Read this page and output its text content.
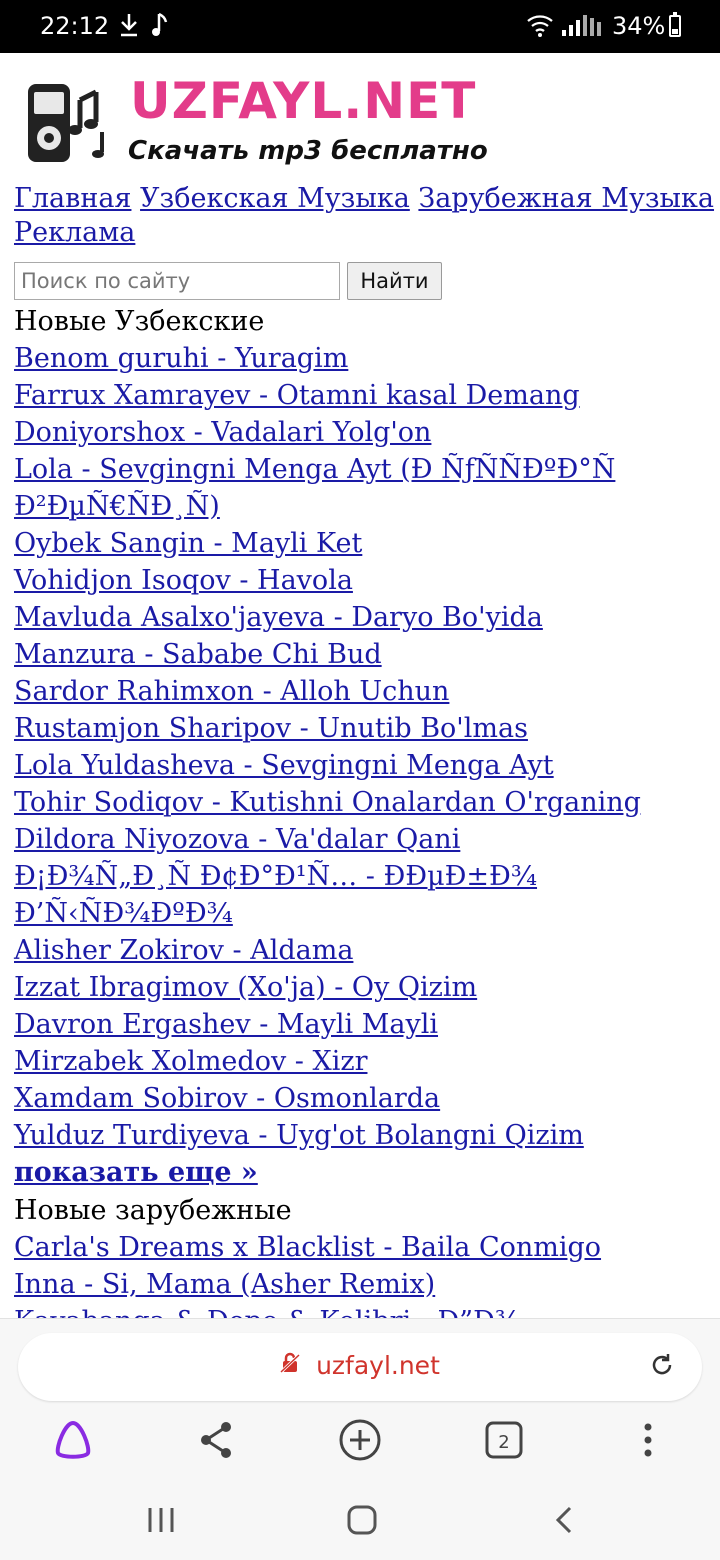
22:12	34%
UZFAYL.NET
Скачать mp3 бесплатно
Главная Узбекская Музыка Зарубежная Музыка Реклама
Поиск по сайту
Найти
Новые Узбекские
Benom guruhi - Yuragim
Farrux Xamrayev - Otamni kasal Demang
Doniyorshox - Vadalari Yolg'on
Lola - Sevgingni Menga Ayt (Ð ÑƒÑÑÐºÐ°Ñ Ð²ÐµÑ€ÑÐ¸Ñ)
Oybek Sangin - Mayli Ket
Vohidjon Isoqov - Havola
Mavluda Asalxo'jayeva - Daryo Bo'yida
Manzura - Sababe Chi Bud
Sardor Rahimxon - Alloh Uchun
Rustamjon Sharipov - Unutib Bo'lmas
Lola Yuldasheva - Sevgingni Menga Ayt
Tohir Sodiqov - Kutishni Onalardan O'rganing
Dildora Niyozova - Va'dalar Qani
Ð¡Ð¾Ñ„Ð¸Ñ Ð¢Ð°Ð¹Ñ… - ÐÐµÐ±Ð¾ Ð’Ñ‹ÑÐ¾ÐºÐ¾
Alisher Zokirov - Aldama
Izzat Ibragimov (Xo'ja) - Oy Qizim
Davron Ergashev - Mayli Mayli
Mirzabek Xolmedov - Xizr
Xamdam Sobirov - Osmonlarda
Yulduz Turdiyeva - Uyg'ot Bolangni Qizim
показать еще »
Новые зарубежные
Carla's Dreams x Blacklist - Baila Conmigo
Inna - Si, Mama (Asher Remix)
uzfayl.net
2
